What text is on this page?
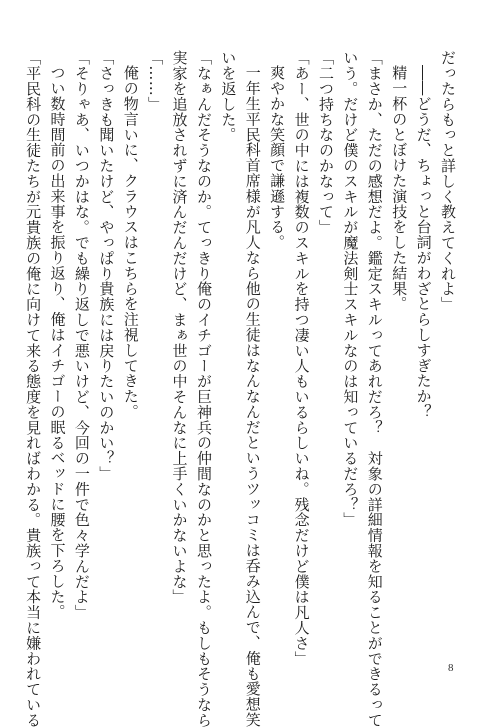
だったらもっと詳しく教えてくれよ」
――どうだ、ちょっと台詞がわざとらしすぎたか？
精一杯のとぼけた演技をした結果。
「まさか、ただの感想だよ。鑑定スキルってあれだろ？　対象の詳細情報を知ることができるって
いう。だけど僕のスキルが魔法剣士スキルなのは知っているだろ？」
「二つ持ちなのかなって」
「あー、世の中には複数のスキルを持つ凄い人もいるらしいね。残念だけど僕は凡人さ」
爽やかな笑顔で謙遜する。
一年生平民科首席様が凡人なら他の生徒はなんなんだというツッコミは呑み込んで、俺も愛想笑
いを返した。
「なぁんだそうなのか。てっきり俺のイチゴーが巨神兵の仲間なのかと思ったよ。もしもそうなら
実家を追放されずに済んだんだけど、まぁ世の中そんなに上手くいかないよな」
「……」
俺の物言いに、クラウスはこちらを注視してきた。
「さっきも聞いたけど、やっぱり貴族には戻りたいのかい？」
「そりゃあ、いつかはな。でも繰り返しで悪いけど、今回の一件で色々学んだよ」
つい数時間前の出来事を振り返り、俺はイチゴーの眠るベッドに腰を下ろした。
「平民科の生徒たちが元貴族の俺に向けて来る態度を見ればわかる。貴族って本当に嫌われている	8
